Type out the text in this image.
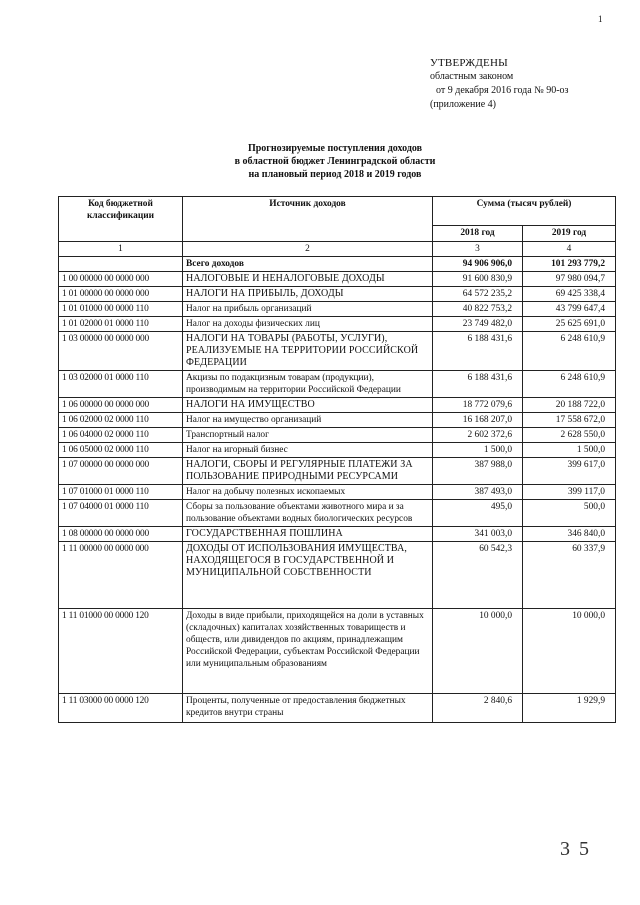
1
УТВЕРЖДЕНЫ
областным законом
от 9 декабря 2016 года № 90-оз
(приложение 4)
Прогнозируемые поступления доходов
в областной бюджет Ленинградской области
на плановый период 2018 и 2019 годов
Код бюджетной классификации	Источник доходов	Сумма (тысяч рублей)	
		2018 год	2019 год
1	2	3	4
	Всего доходов	94 906 906,0	101 293 779,2
1 00 00000 00 0000 000	НАЛОГОВЫЕ И НЕНАЛОГОВЫЕ ДОХОДЫ	91 600 830,9	97 980 094,7
1 01 00000 00 0000 000	НАЛОГИ НА ПРИБЫЛЬ, ДОХОДЫ	64 572 235,2	69 425 338,4
1 01 01000 00 0000 110	Налог на прибыль организаций	40 822 753,2	43 799 647,4
1 01 02000 01 0000 110	Налог на доходы физических лиц	23 749 482,0	25 625 691,0
1 03 00000 00 0000 000	НАЛОГИ НА ТОВАРЫ (РАБОТЫ, УСЛУГИ), РЕАЛИЗУЕМЫЕ НА ТЕРРИТОРИИ РОССИЙСКОЙ ФЕДЕРАЦИИ	6 188 431,6	6 248 610,9
1 03 02000 01 0000 110	Акцизы по подакцизным товарам (продукции), производимым на территории Российской Федерации	6 188 431,6	6 248 610,9
1 06 00000 00 0000 000	НАЛОГИ НА ИМУЩЕСТВО	18 772 079,6	20 188 722,0
1 06 02000 02 0000 110	Налог на имущество организаций	16 168 207,0	17 558 672,0
1 06 04000 02 0000 110	Транспортный налог	2 602 372,6	2 628 550,0
1 06 05000 02 0000 110	Налог на игорный бизнес	1 500,0	1 500,0
1 07 00000 00 0000 000	НАЛОГИ, СБОРЫ И РЕГУЛЯРНЫЕ ПЛАТЕЖИ ЗА ПОЛЬЗОВАНИЕ ПРИРОДНЫМИ РЕСУРСАМИ	387 988,0	399 617,0
1 07 01000 01 0000 110	Налог на добычу полезных ископаемых	387 493,0	399 117,0
1 07 04000 01 0000 110	Сборы за пользование объектами животного мира и за пользование объектами водных биологических ресурсов	495,0	500,0
1 08 00000 00 0000 000	ГОСУДАРСТВЕННАЯ ПОШЛИНА	341 003,0	346 840,0
1 11 00000 00 0000 000	ДОХОДЫ ОТ ИСПОЛЬЗОВАНИЯ ИМУЩЕСТВА, НАХОДЯЩЕГОСЯ В ГОСУДАРСТВЕННОЙ И МУНИЦИПАЛЬНОЙ СОБСТВЕННОСТИ	60 542,3	60 337,9
1 11 01000 00 0000 120	Доходы в виде прибыли, приходящейся на доли в уставных (складочных) капиталах хозяйственных товариществ и обществ, или дивидендов по акциям, принадлежащим Российской Федерации, субъектам Российской Федерации или муниципальным образованиям	10 000,0	10 000,0
1 11 03000 00 0000 120	Проценты, полученные от предоставления бюджетных кредитов внутри страны	2 840,6	1 929,9
3 5
